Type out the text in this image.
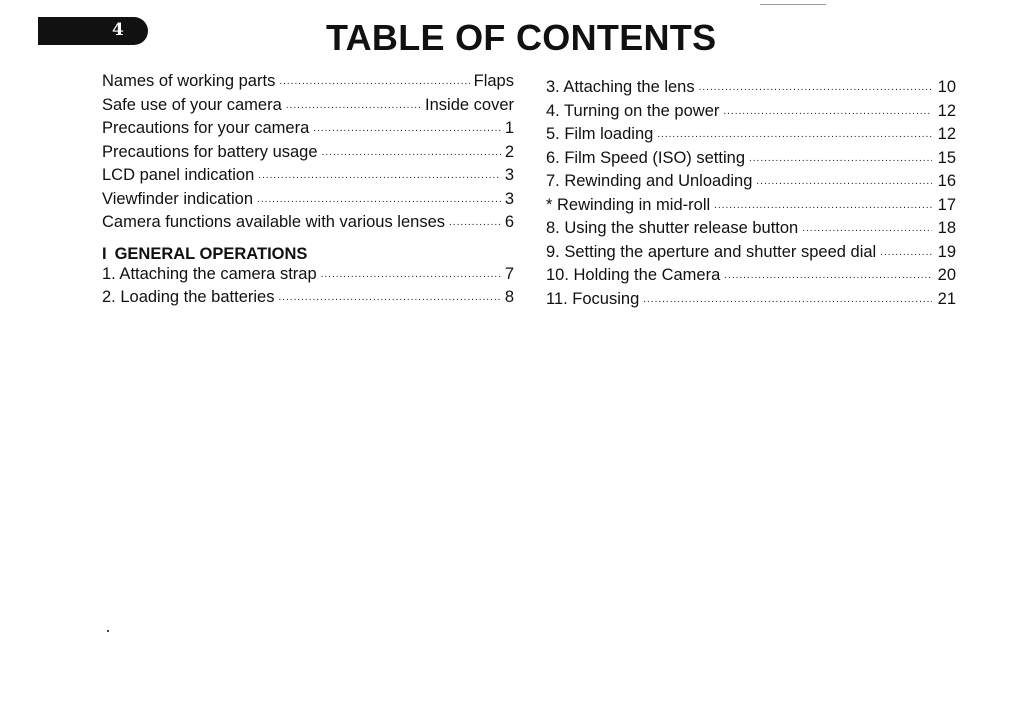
4	TABLE OF CONTENTS
Names of working parts .....	Flaps
Safe use of your camera .....	Inside cover
Precautions for your camera .....	1
Precautions for battery usage .....	2
LCD panel indication .....	3
Viewfinder indication .....	3
Camera functions available with various lenses .....	6
I GENERAL OPERATIONS
1. Attaching the camera strap .....	7
2. Loading the batteries .....	8
3. Attaching the lens .....	10
4. Turning on the power .....	12
5. Film loading .....	12
6. Film Speed (ISO) setting .....	15
7. Rewinding and Unloading .....	16
* Rewinding in mid-roll .....	17
8. Using the shutter release button .....	18
9. Setting the aperture and shutter speed dial .....	19
10. Holding the Camera .....	20
11. Focusing .....	21
